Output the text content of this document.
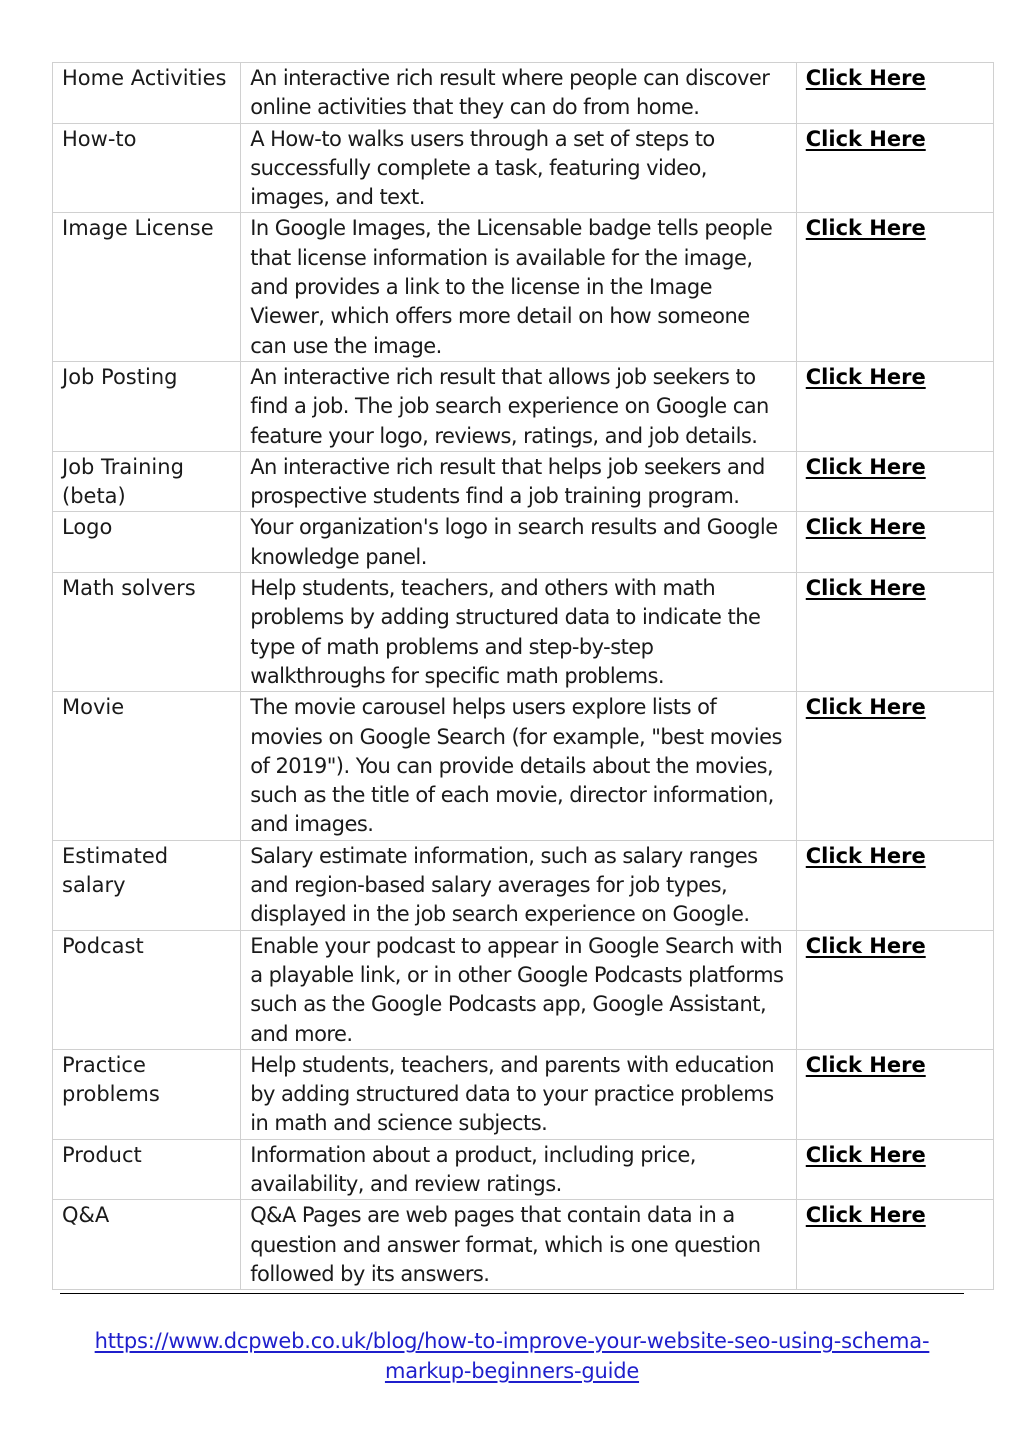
Home Activities	An interactive rich result where people can discover online activities that they can do from home.	Click Here
How-to	A How-to walks users through a set of steps to successfully complete a task, featuring video, images, and text.	Click Here
Image License	In Google Images, the Licensable badge tells people that license information is available for the image, and provides a link to the license in the Image Viewer, which offers more detail on how someone can use the image.	Click Here
Job Posting	An interactive rich result that allows job seekers to find a job. The job search experience on Google can feature your logo, reviews, ratings, and job details.	Click Here
Job Training (beta)	An interactive rich result that helps job seekers and prospective students find a job training program.	Click Here
Logo	Your organization's logo in search results and Google knowledge panel.	Click Here
Math solvers	Help students, teachers, and others with math problems by adding structured data to indicate the type of math problems and step-by-step walkthroughs for specific math problems.	Click Here
Movie	The movie carousel helps users explore lists of movies on Google Search (for example, "best movies of 2019"). You can provide details about the movies, such as the title of each movie, director information, and images.	Click Here
Estimated salary	Salary estimate information, such as salary ranges and region-based salary averages for job types, displayed in the job search experience on Google.	Click Here
Podcast	Enable your podcast to appear in Google Search with a playable link, or in other Google Podcasts platforms such as the Google Podcasts app, Google Assistant, and more.	Click Here
Practice problems	Help students, teachers, and parents with education by adding structured data to your practice problems in math and science subjects.	Click Here
Product	Information about a product, including price, availability, and review ratings.	Click Here
Q&A	Q&A Pages are web pages that contain data in a question and answer format, which is one question followed by its answers.	Click Here
https://www.dcpweb.co.uk/blog/how-to-improve-your-website-seo-using-schema-markup-beginners-guide
